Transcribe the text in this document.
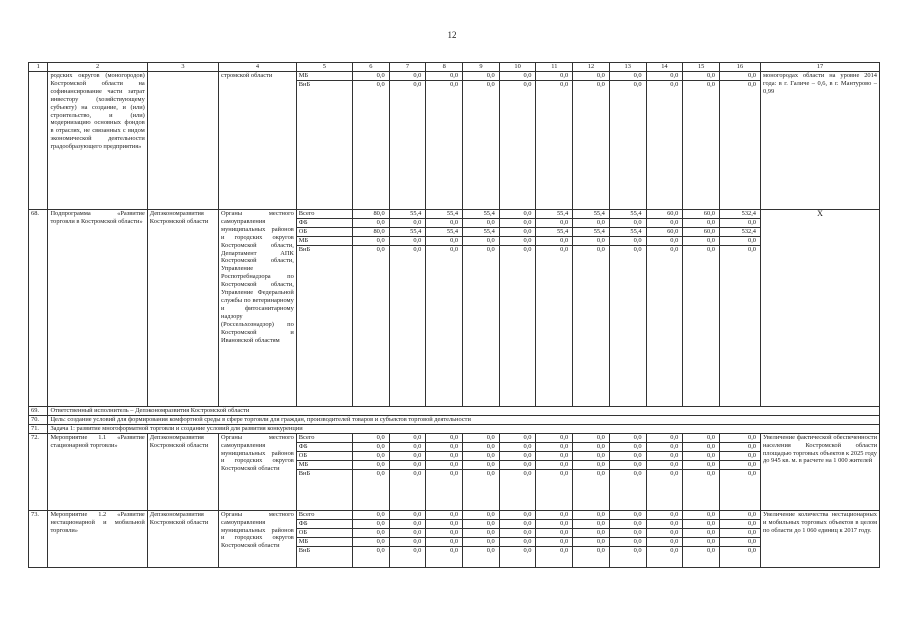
12
1	2	3	4	5	6	7	8	9	10	11	12	13	14	15	16	17
	родских округов (моногородов) Костромской области на софинансирование части затрат инвестору (хозяйствующему субъекту) на создание, и (или) строительство, и (или) модернизацию основных фондов в отраслях, не связанных с видом экономической деятельности градообразующего предприятия»		стромской области	МБ	0,0	0,0	0,0	0,0	0,0	0,0	0,0	0,0	0,0	0,0	0,0	моногородах области на уровне 2014 года: в г. Галиче – 0,6, в г. Мантурово – 0,99
				ВнБ	0,0	0,0	0,0	0,0	0,0	0,0	0,0	0,0	0,0	0,0	0,0	
68.	Подпрограмма «Развитие торговли в Костромской области»	Депэкономразвития Костромской области	Органы местного самоуправления муниципальных районов и городских округов Костромской области, Департамент АПК Костромской области, Управление Роспотребнадзора по Костромской области, Управление Федеральной службы по ветеринарному и фитосанитарному надзору (Россельхознадзор) по Костромской и Ивановской областям	Всего	80,0	55,4	55,4	55,4	0,0	55,4	55,4	55,4	60,0	60,0	532,4	Х
				ФБ	0,0	0,0	0,0	0,0	0,0	0,0	0,0	0,0	0,0	0,0	0,0	
				ОБ	80,0	55,4	55,4	55,4	0,0	55,4	55,4	55,4	60,0	60,0	532,4	
				МБ	0,0	0,0	0,0	0,0	0,0	0,0	0,0	0,0	0,0	0,0	0,0	
				ВнБ	0,0	0,0	0,0	0,0	0,0	0,0	0,0	0,0	0,0	0,0	0,0	
69.	Ответственный исполнитель – Депэкономразвития Костромской области															
70.	Цель: создание условий для формирования комфортной среды в сфере торговли для граждан, производителей товаров и субъектов торговой деятельности															
71.	Задача 1: развитие многоформатной торговли и создание условий для развития конкуренции															
72.	Мероприятие 1.1 «Развитие стационарной торговли»	Депэкономразвития Костромской области	Органы местного самоуправления муниципальных районов и городских округов Костромской области	Всего	0,0	0,0	0,0	0,0	0,0	0,0	0,0	0,0	0,0	0,0	0,0	Увеличение фактической обеспеченности населения Костромской области площадью торговых объектов к 2025 году до 945 кв. м. в расчете на 1 000 жителей
				ФБ	0,0	0,0	0,0	0,0	0,0	0,0	0,0	0,0	0,0	0,0	0,0	
				ОБ	0,0	0,0	0,0	0,0	0,0	0,0	0,0	0,0	0,0	0,0	0,0	
				МБ	0,0	0,0	0,0	0,0	0,0	0,0	0,0	0,0	0,0	0,0	0,0	
				ВнБ	0,0	0,0	0,0	0,0	0,0	0,0	0,0	0,0	0,0	0,0	0,0	
73.	Мероприятие 1.2 «Развитие нестационарной и мобильной торговли»	Депэкономразвития Костромской области	Органы местного самоуправления муниципальных районов и городских округов Костромской области	Всего	0,0	0,0	0,0	0,0	0,0	0,0	0,0	0,0	0,0	0,0	0,0	Увеличение количества нестационарных и мобильных торговых объектов в целом по области до 1 060 единиц к 2017 году.
				ФБ	0,0	0,0	0,0	0,0	0,0	0,0	0,0	0,0	0,0	0,0	0,0	
				ОБ	0,0	0,0	0,0	0,0	0,0	0,0	0,0	0,0	0,0	0,0	0,0	
				МБ	0,0	0,0	0,0	0,0	0,0	0,0	0,0	0,0	0,0	0,0	0,0	
				ВнБ	0,0	0,0	0,0	0,0	0,0	0,0	0,0	0,0	0,0	0,0	0,0	
